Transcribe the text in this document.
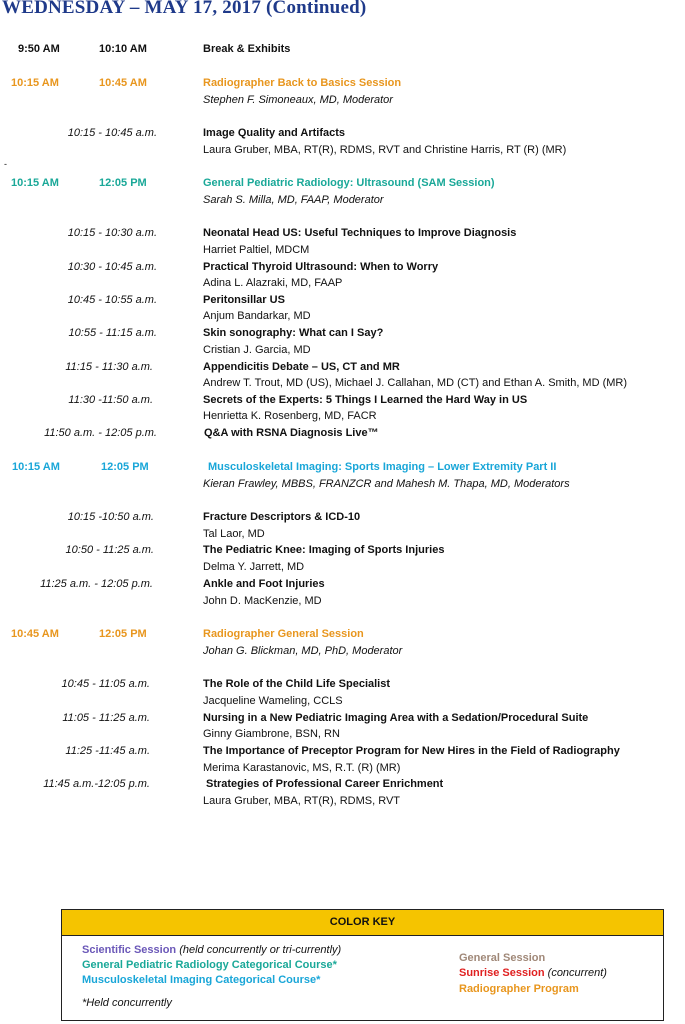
WEDNESDAY – MAY 17, 2017 (Continued)
9:50 AM	10:10 AM	Break & Exhibits
10:15 AM	10:45 AM	Radiographer Back to Basics Session
Stephen F. Simoneaux, MD, Moderator
10:15 - 10:45 a.m.	Image Quality and Artifacts
Laura Gruber, MBA, RT(R), RDMS, RVT and Christine Harris, RT (R) (MR)
-
10:15 AM	12:05 PM	General Pediatric Radiology: Ultrasound (SAM Session)
Sarah S. Milla, MD, FAAP, Moderator
10:15 - 10:30 a.m.	Neonatal Head US: Useful Techniques to Improve Diagnosis
Harriet Paltiel, MDCM
10:30 - 10:45 a.m.	Practical Thyroid Ultrasound: When to Worry
Adina L. Alazraki, MD, FAAP
10:45 - 10:55 a.m.	Peritonsillar US
Anjum Bandarkar, MD
10:55 - 11:15 a.m.	Skin sonography: What can I Say?
Cristian J. Garcia, MD
11:15 - 11:30 a.m.	Appendicitis Debate – US, CT and MR
Andrew T. Trout, MD (US), Michael J. Callahan, MD (CT) and Ethan A. Smith, MD (MR)
11:30 -11:50 a.m.	Secrets of the Experts: 5 Things I Learned the Hard Way in US
Henrietta K. Rosenberg, MD, FACR
11:50 a.m. - 12:05 p.m.	Q&A with RSNA Diagnosis Live™
10:15 AM	12:05 PM	Musculoskeletal Imaging: Sports Imaging – Lower Extremity Part II
Kieran Frawley, MBBS, FRANZCR and Mahesh M. Thapa, MD, Moderators
10:15 -10:50 a.m.	Fracture Descriptors & ICD-10
Tal Laor, MD
10:50 - 11:25 a.m.	The Pediatric Knee: Imaging of Sports Injuries
Delma Y. Jarrett, MD
11:25 a.m. - 12:05 p.m.	Ankle and Foot Injuries
John D. MacKenzie, MD
10:45 AM	12:05 PM	Radiographer General Session
Johan G. Blickman, MD, PhD, Moderator
10:45 - 11:05 a.m.	The Role of the Child Life Specialist
Jacqueline Wameling, CCLS
11:05 - 11:25 a.m.	Nursing in a New Pediatric Imaging Area with a Sedation/Procedural Suite
Ginny Giambrone, BSN, RN
11:25 -11:45 a.m.	The Importance of Preceptor Program for New Hires in the Field of Radiography
Merima Karastanovic, MS, R.T. (R) (MR)
11:45 a.m.-12:05 p.m.	Strategies of Professional Career Enrichment
Laura Gruber, MBA, RT(R), RDMS, RVT
COLOR KEY
Scientific Session (held concurrently or tri-currently)
General Pediatric Radiology Categorical Course*
Musculoskeletal Imaging Categorical Course*
*Held concurrently
General Session
Sunrise Session (concurrent)
Radiographer Program
